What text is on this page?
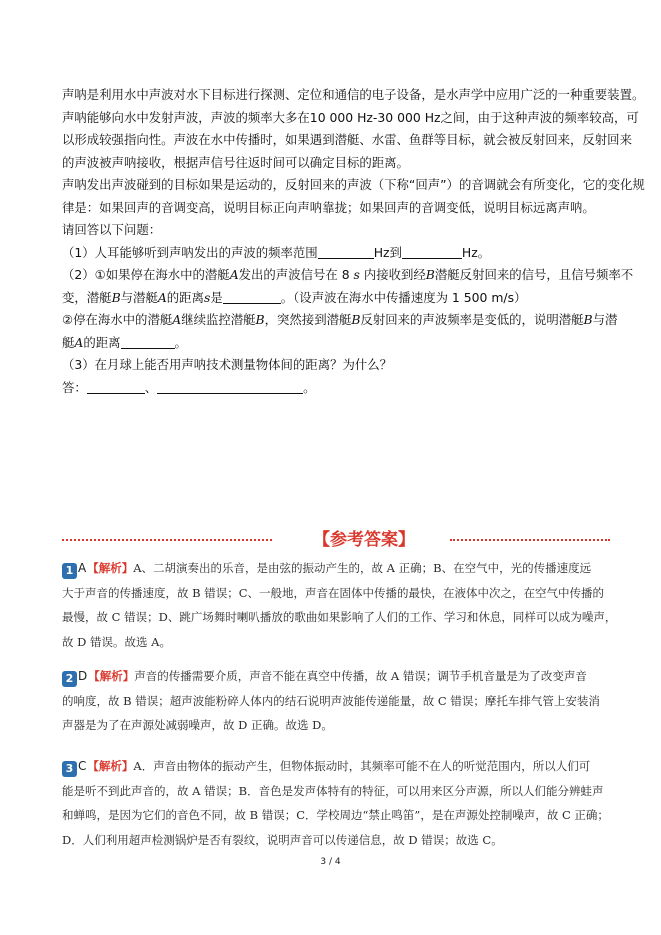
声呐是利用水中声波对水下目标进行探测、定位和通信的电子设备，是水声学中应用广泛的一种重要装置。

声呐能够向水中发射声波，声波的频率大多在10 000 Hz-30 000 Hz之间，由于这种声波的频率较高，可

以形成较强指向性。声波在水中传播时，如果遇到潜艇、水雷、鱼群等目标，就会被反射回来，反射回来

的声波被声呐接收，根据声信号往返时间可以确定目标的距离。

声呐发出声波碰到的目标如果是运动的，反射回来的声波（下称“回声”）的音调就会有所变化，它的变化规

律是：如果回声的音调变高，说明目标正向声呐靠拢；如果回声的音调变低，说明目标远离声呐。

请回答以下问题：

（1）人耳能够听到声呐发出的声波的频率范围	Hz到	Hz。

（2）①如果停在海水中的潜艇A发出的声波信号在 8 s 内接收到经B潜艇反射回来的信号，且信号频率不

变，潜艇B与潜艇A的距离s是	。（设声波在海水中传播速度为 1 500 m/s）

②停在海水中的潜艇A继续监控潜艇B，突然接到潜艇B反射回来的声波频率是变低的，说明潜艇B与潜

艇A的距离	。

（3）在月球上能否用声呐技术测量物体间的距离？为什么？

答：	、	。

【参考答案】

1 A【解析】A、二胡演奏出的乐音，是由弦的振动产生的，故 A 正确；B、在空气中，光的传播速度远

大于声音的传播速度，故 B 错误；C、一般地，声音在固体中传播的最快，在液体中次之，在空气中传播的

最慢，故 C 错误；D、跳广场舞时喇叭播放的歌曲如果影响了人们的工作、学习和休息，同样可以成为噪声，

故 D 错误。故选 A。

2 D【解析】声音的传播需要介质，声音不能在真空中传播，故 A 错误；调节手机音量是为了改变声音

的响度，故 B 错误；超声波能粉碎人体内的结石说明声波能传递能量，故 C 错误；摩托车排气管上安装消

声器是为了在声源处减弱噪声，故 D 正确。故选 D。

3 C【解析】A．声音由物体的振动产生，但物体振动时，其频率可能不在人的听觉范围内，所以人们可

能是听不到此声音的，故 A 错误；B．音色是发声体特有的特征，可以用来区分声源，所以人们能分辨蛙声

和蝉鸣，是因为它们的音色不同，故 B 错误；C．学校周边“禁止鸣笛”，是在声源处控制噪声，故 C 正确；

D．人们利用超声检测锅炉是否有裂纹，说明声音可以传递信息，故 D 错误；故选 C。

3 / 4
